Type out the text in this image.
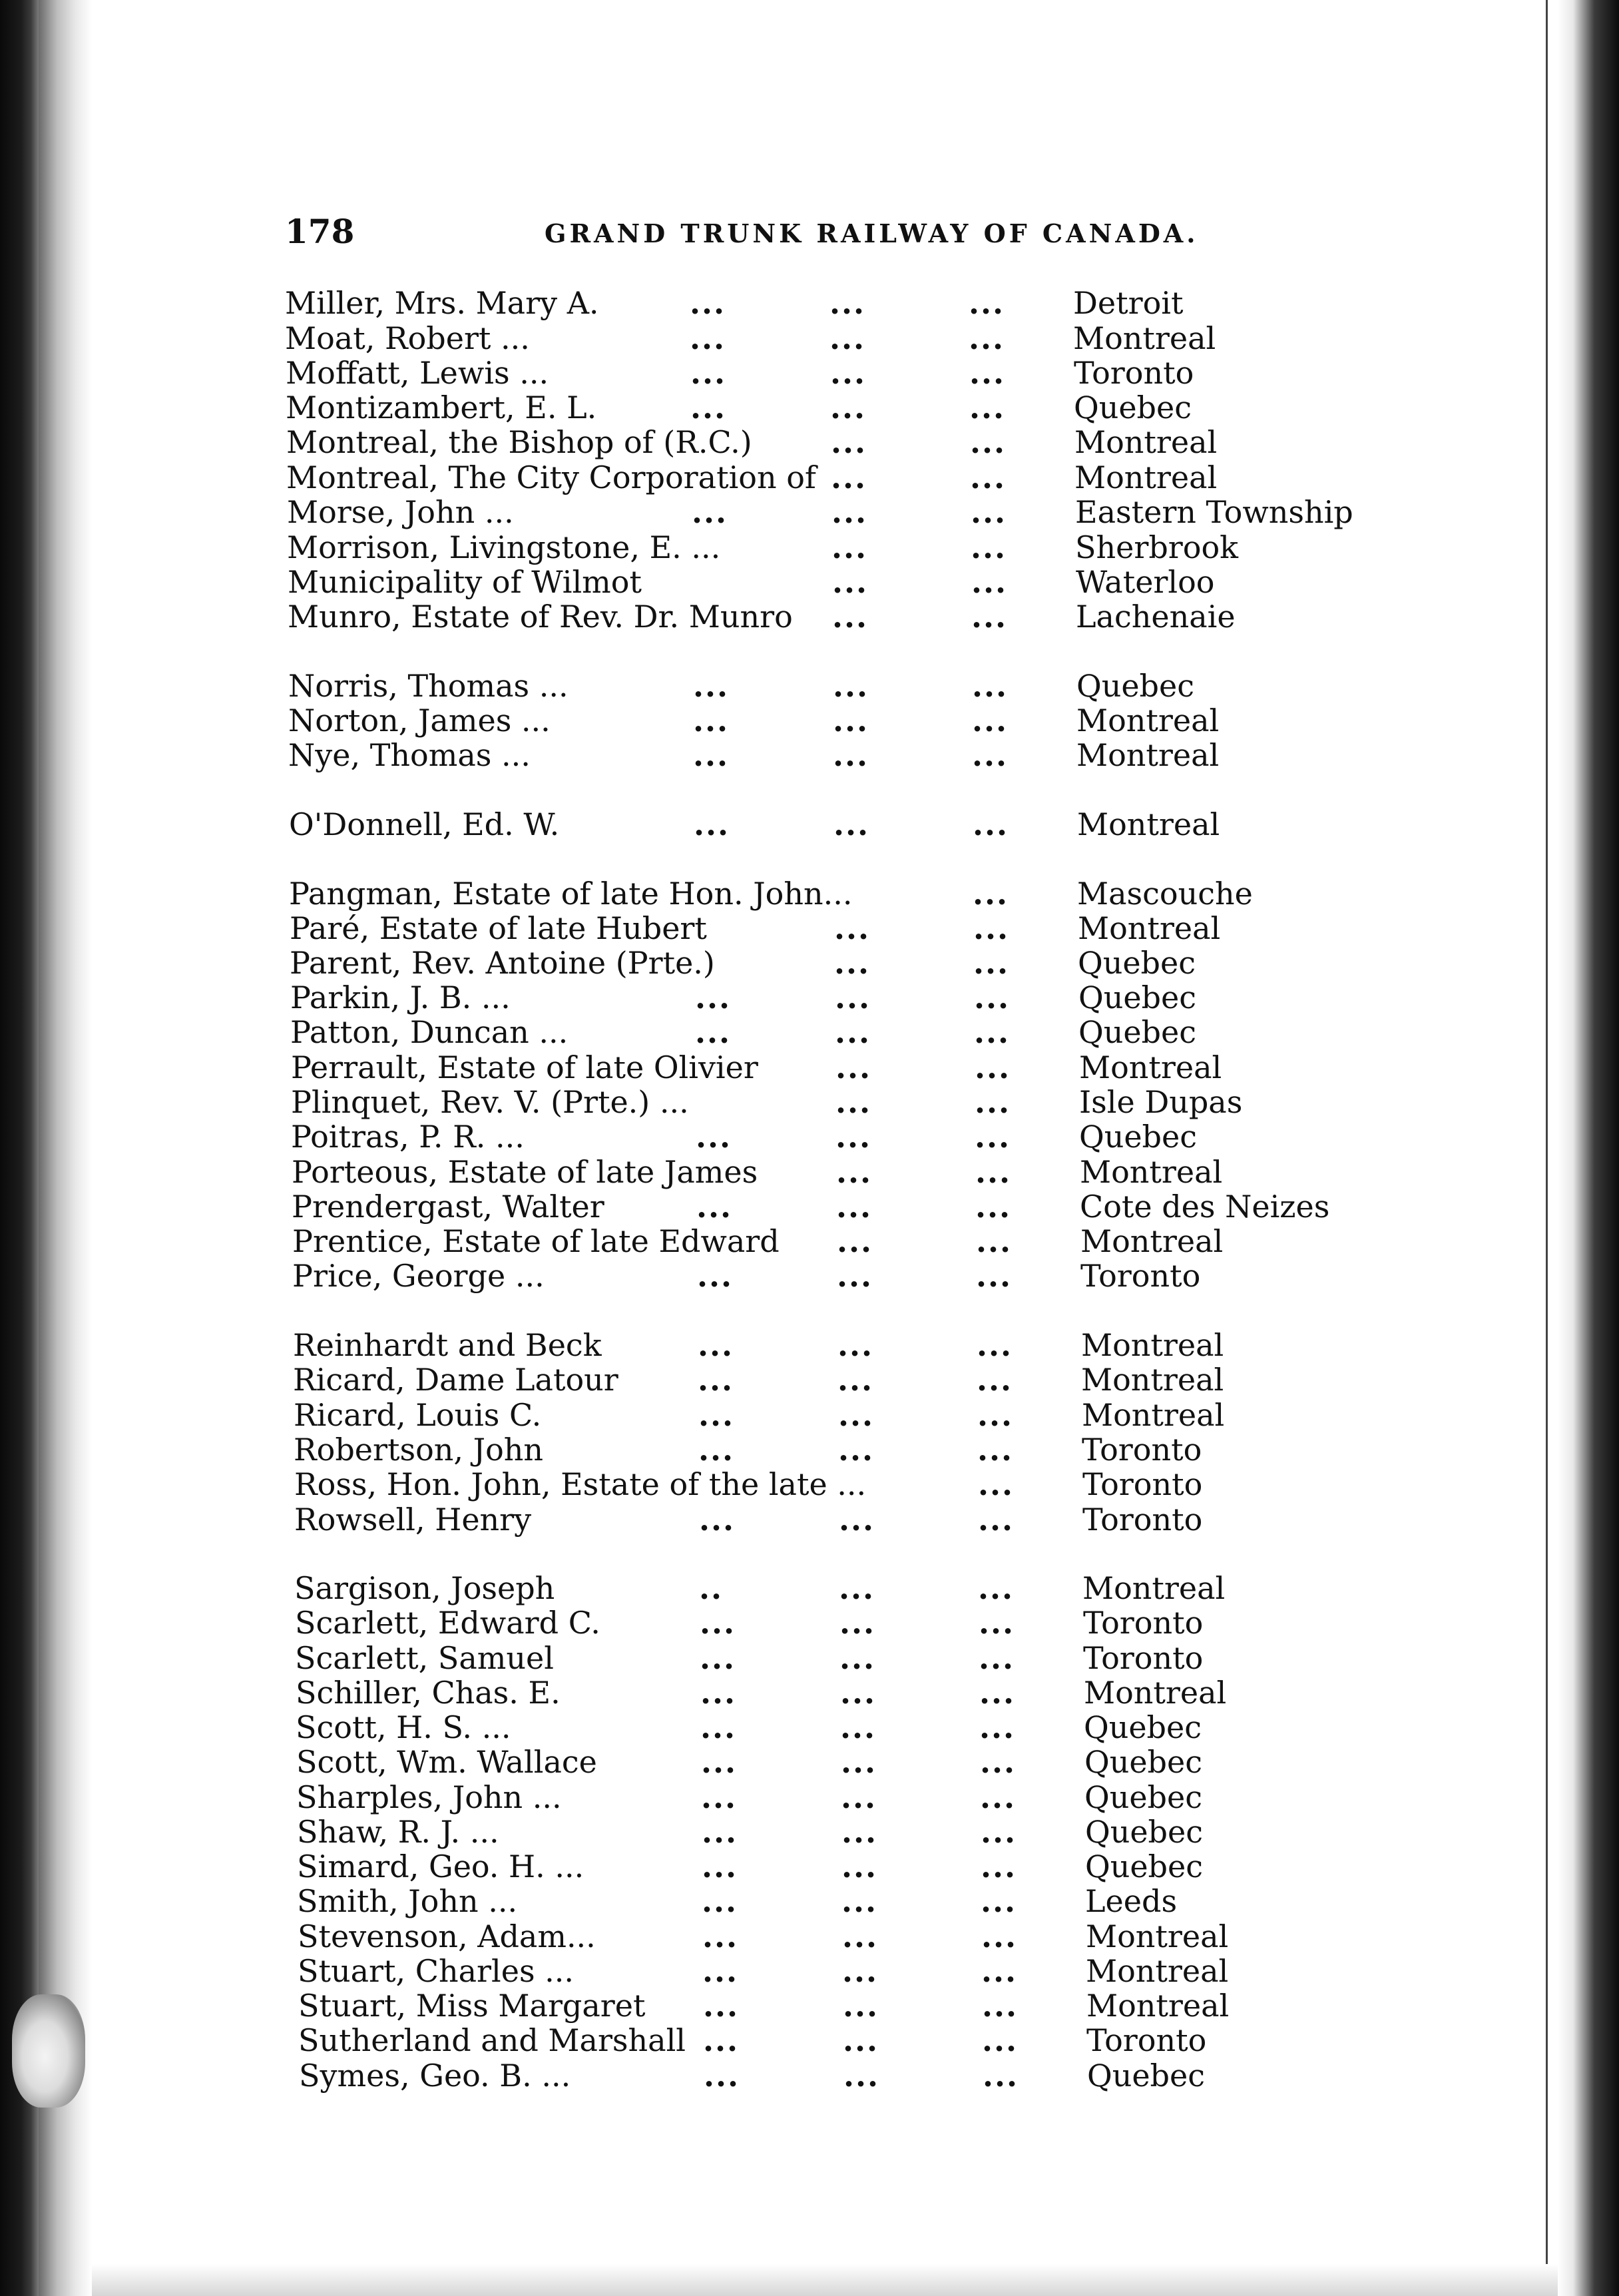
178	GRAND TRUNK RAILWAY OF CANADA.
Miller, Mrs. Mary A.	...	...	... Detroit
Moat, Robert ...	...	...	... Montreal
Moffatt, Lewis ...	...	...	... Toronto
Montizambert, E. L.	...	...	... Quebec
Montreal, the Bishop of (R.C.)	...	... Montreal
Montreal, The City Corporation of ...	... Montreal
Morse, John ...	...	...	... Eastern Township
Morrison, Livingstone, E. ...	...	... Sherbrook
Municipality of Wilmot	...	... Waterloo
Munro, Estate of Rev. Dr. Munro ...	... Lachenaie
Norris, Thomas ...	...	...	... Quebec
Norton, James ...	...	...	... Montreal
Nye, Thomas ...	...	...	... Montreal
O'Donnell, Ed. W.	...	...	... Montreal
Pangman, Estate of late Hon. John...	... Mascouche
Paré, Estate of late Hubert	...	... Montreal
Parent, Rev. Antoine (Prte.)	...	... Quebec
Parkin, J. B. ...	...	...	... Quebec
Patton, Duncan ...	...	...	... Quebec
Perrault, Estate of late Olivier	...	... Montreal
Plinquet, Rev. V. (Prte.) ...	...	... Isle Dupas
Poitras, P. R. ...	...	...	... Quebec
Porteous, Estate of late James	...	... Montreal
Prendergast, Walter	...	...	... Cote des Neizes
Prentice, Estate of late Edward ...	... Montreal
Price, George ...	...	...	... Toronto
Reinhardt and Beck	...	...	... Montreal
Ricard, Dame Latour	...	...	... Montreal
Ricard, Louis C.	...	...	... Montreal
Robertson, John	...	...	... Toronto
Ross, Hon. John, Estate of the late ...	... Toronto
Rowsell, Henry	...	...	... Toronto
Sargison, Joseph	..	...	... Montreal
Scarlett, Edward C.	...	...	... Toronto
Scarlett, Samuel	...	...	... Toronto
Schiller, Chas. E.	...	...	... Montreal
Scott, H. S. ...	...	...	... Quebec
Scott, Wm. Wallace	...	...	... Quebec
Sharples, John ...	...	...	... Quebec
Shaw, R. J. ...	...	...	... Quebec
Simard, Geo. H. ...	...	...	... Quebec
Smith, John ...	...	...	... Leeds
Stevenson, Adam...	...	...	... Montreal
Stuart, Charles ...	...	...	... Montreal
Stuart, Miss Margaret ...	...	... Montreal
Sutherland and Marshall ...	...	... Toronto
Symes, Geo. B. ...	...	...	... Quebec
